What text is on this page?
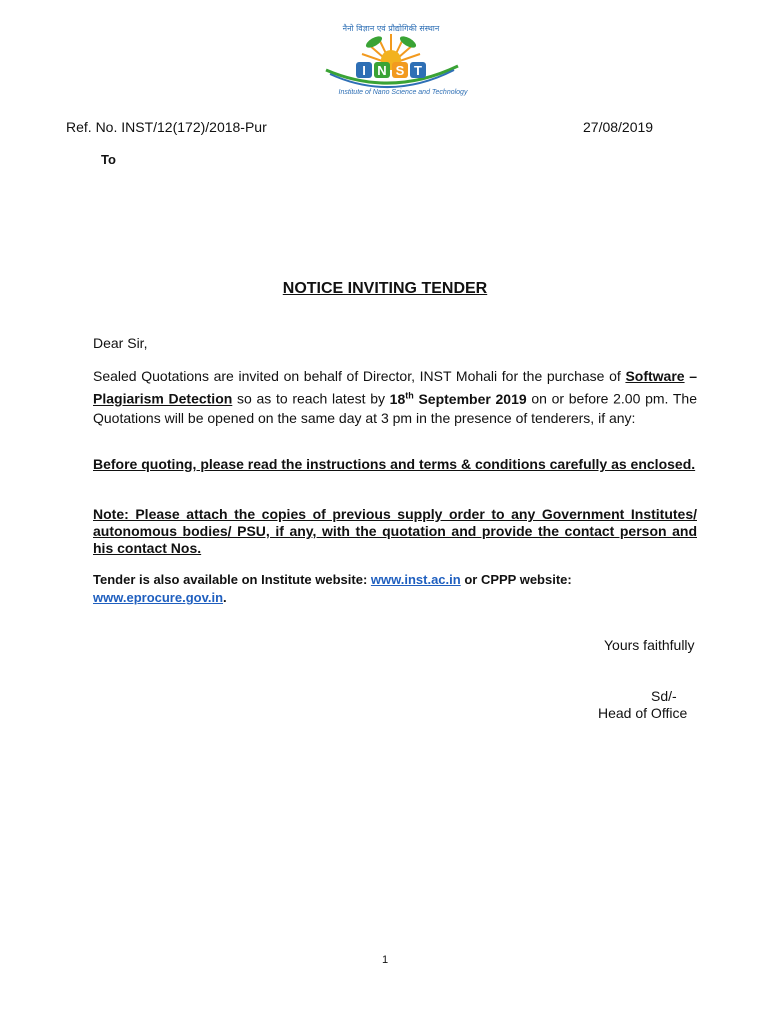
I N S T
नैनो विज्ञान एवं प्रौद्योगिकी संस्थान
Institute of Nano Science and Technology
Ref. No. INST/12(172)/2018-Pur	27/08/2019
To
NOTICE INVITING TENDER
Dear Sir,
Sealed Quotations are invited on behalf of Director, INST Mohali for the purchase of Software – Plagiarism Detection so as to reach latest by 18th September 2019 on or before 2.00 pm. The Quotations will be opened on the same day at 3 pm in the presence of tenderers, if any:
Before quoting, please read the instructions and terms & conditions carefully as enclosed.
Note: Please attach the copies of previous supply order to any Government Institutes/ autonomous bodies/ PSU, if any, with the quotation and provide the contact person and his contact Nos.
Tender is also available on Institute website: www.inst.ac.in or CPPP website: www.eprocure.gov.in.
Yours faithfully
Sd/-
Head of Office
1
